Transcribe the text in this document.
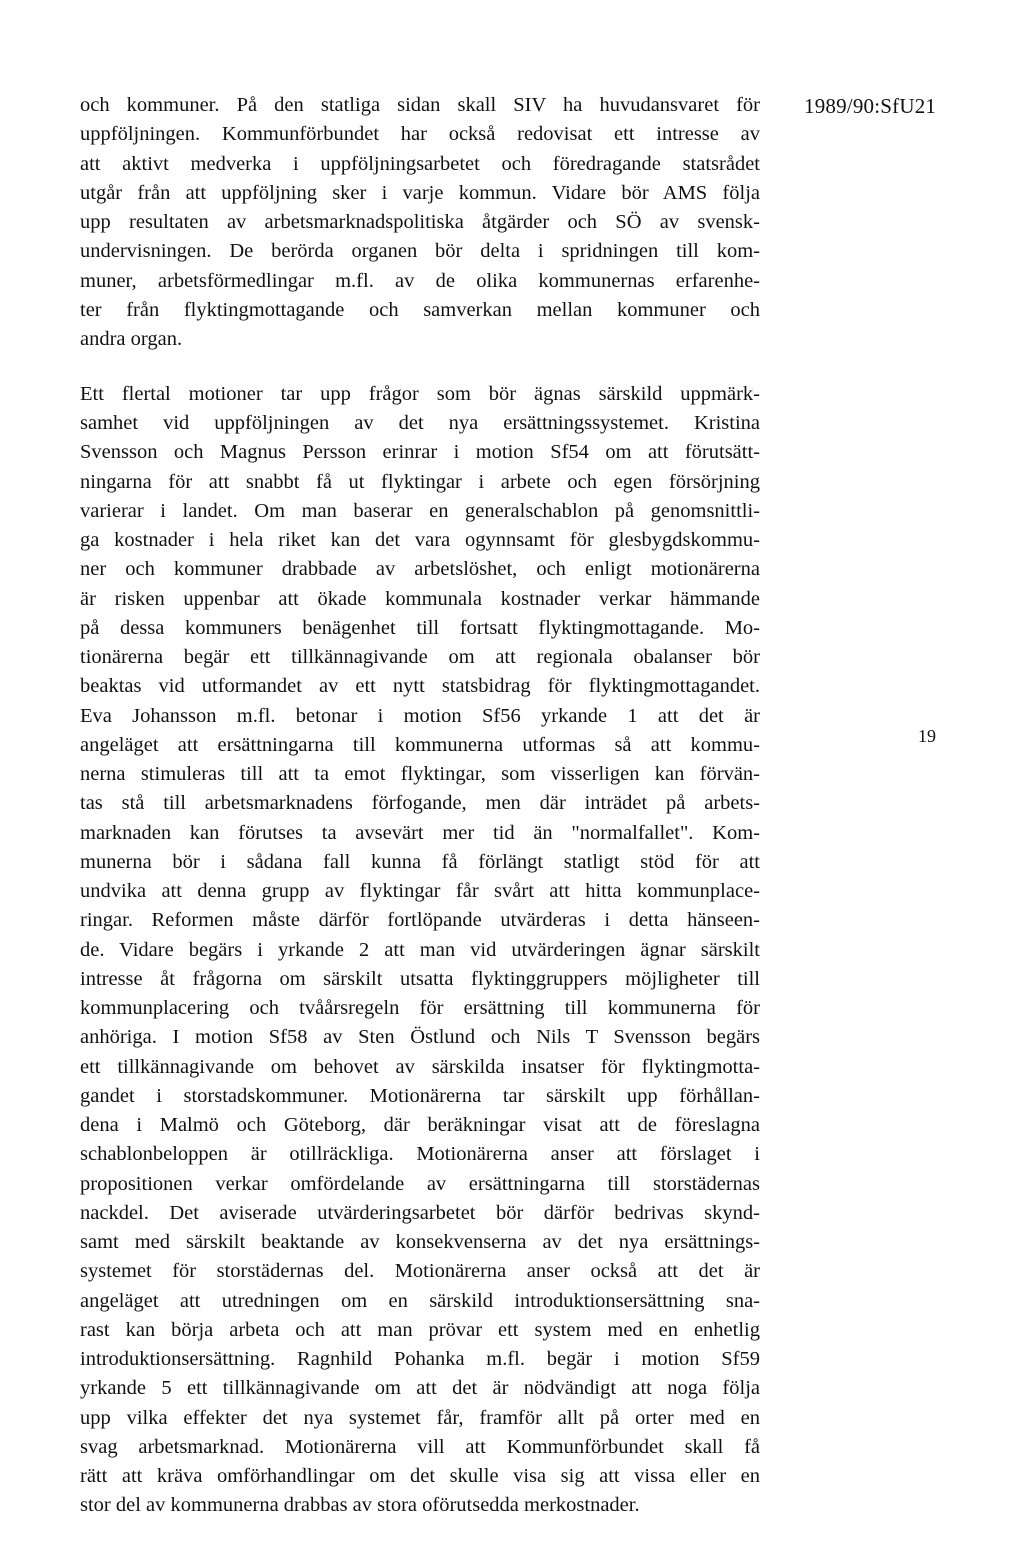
1989/90:SfU21
och kommuner. På den statliga sidan skall SIV ha huvudansvaret för
uppföljningen. Kommunförbundet har också redovisat ett intresse av
att aktivt medverka i uppföljningsarbetet och föredragande statsrådet
utgår från att uppföljning sker i varje kommun. Vidare bör AMS följa
upp resultaten av arbetsmarknadspolitiska åtgärder och SÖ av svensk-
undervisningen. De berörda organen bör delta i spridningen till kom-
muner, arbetsförmedlingar m.fl. av de olika kommunernas erfarenhe-
ter från flyktingmottagande och samverkan mellan kommuner och
andra organ.
Ett flertal motioner tar upp frågor som bör ägnas särskild uppmärk-
samhet vid uppföljningen av det nya ersättningssystemet. Kristina
Svensson och Magnus Persson erinrar i motion Sf54 om att förutsätt-
ningarna för att snabbt få ut flyktingar i arbete och egen försörjning
varierar i landet. Om man baserar en generalschablon på genomsnittli-
ga kostnader i hela riket kan det vara ogynnsamt för glesbygdskommu-
ner och kommuner drabbade av arbetslöshet, och enligt motionärerna
är risken uppenbar att ökade kommunala kostnader verkar hämmande
på dessa kommuners benägenhet till fortsatt flyktingmottagande. Mo-
tionärerna begär ett tillkännagivande om att regionala obalanser bör
beaktas vid utformandet av ett nytt statsbidrag för flyktingmottagandet.
Eva Johansson m.fl. betonar i motion Sf56 yrkande 1 att det är
angeläget att ersättningarna till kommunerna utformas så att kommu-
nerna stimuleras till att ta emot flyktingar, som visserligen kan förvän-
tas stå till arbetsmarknadens förfogande, men där inträdet på arbets-
marknaden kan förutses ta avsevärt mer tid än "normalfallet". Kom-
munerna bör i sådana fall kunna få förlängt statligt stöd för att
undvika att denna grupp av flyktingar får svårt att hitta kommunplace-
ringar. Reformen måste därför fortlöpande utvärderas i detta hänseen-
de. Vidare begärs i yrkande 2 att man vid utvärderingen ägnar särskilt
intresse åt frågorna om särskilt utsatta flyktinggruppers möjligheter till
kommunplacering och tvåårsregeln för ersättning till kommunerna för
anhöriga. I motion Sf58 av Sten Östlund och Nils T Svensson begärs
ett tillkännagivande om behovet av särskilda insatser för flyktingmotta-
gandet i storstadskommuner. Motionärerna tar särskilt upp förhållan-
dena i Malmö och Göteborg, där beräkningar visat att de föreslagna
schablonbeloppen är otillräckliga. Motionärerna anser att förslaget i
propositionen verkar omfördelande av ersättningarna till storstädernas
nackdel. Det aviserade utvärderingsarbetet bör därför bedrivas skynd-
samt med särskilt beaktande av konsekvenserna av det nya ersättnings-
systemet för storstädernas del. Motionärerna anser också att det är
angeläget att utredningen om en särskild introduktionsersättning sna-
rast kan börja arbeta och att man prövar ett system med en enhetlig
introduktionsersättning. Ragnhild Pohanka m.fl. begär i motion Sf59
yrkande 5 ett tillkännagivande om att det är nödvändigt att noga följa
upp vilka effekter det nya systemet får, framför allt på orter med en
svag arbetsmarknad. Motionärerna vill att Kommunförbundet skall få
rätt att kräva omförhandlingar om det skulle visa sig att vissa eller en
stor del av kommunerna drabbas av stora oförutsedda merkostnader.
19
